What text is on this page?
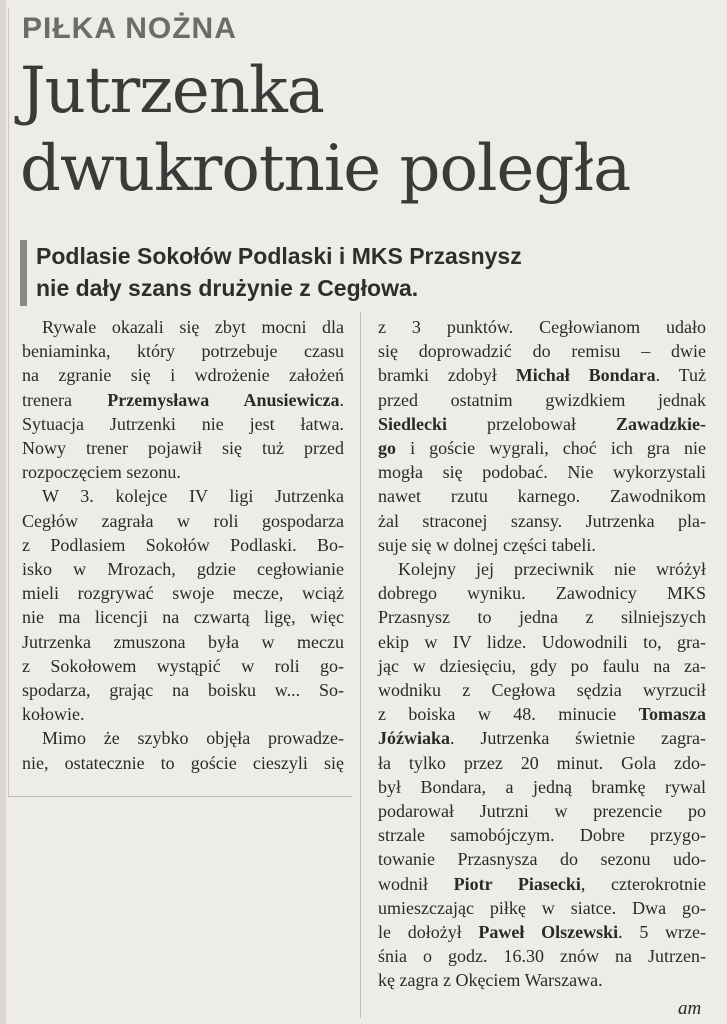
PIŁKA NOŻNA
Jutrzenka
dwukrotnie poległa
Podlasie Sokołów Podlaski i MKS Przasnysz
nie dały szans drużynie z Cegłowa.
Rywale okazali się zbyt mocni dla
beniaminka, który potrzebuje czasu
na zgranie się i wdrożenie założeń
trenera Przemysława Anusiewicza.
Sytuacja Jutrzenki nie jest łatwa.
Nowy trener pojawił się tuż przed
rozpoczęciem sezonu.
W 3. kolejce IV ligi Jutrzenka
Cegłów zagrała w roli gospodarza
z Podlasiem Sokołów Podlaski. Bo-
isko w Mrozach, gdzie cegłowianie
mieli rozgrywać swoje mecze, wciąż
nie ma licencji na czwartą ligę, więc
Jutrzenka zmuszona była w meczu
z Sokołowem wystąpić w roli go-
spodarza, grając na boisku w... So-
kołowie.
Mimo że szybko objęła prowadze-
nie, ostatecznie to goście cieszyli się
z 3 punktów. Cegłowianom udało
się doprowadzić do remisu – dwie
bramki zdobył Michał Bondara. Tuż
przed ostatnim gwizdkiem jednak
Siedlecki przelobował Zawadzkie-
go i goście wygrali, choć ich gra nie
mogła się podobać. Nie wykorzystali
nawet rzutu karnego. Zawodnikom
żal straconej szansy. Jutrzenka pla-
suje się w dolnej części tabeli.
Kolejny jej przeciwnik nie wróżył
dobrego wyniku. Zawodnicy MKS
Przasnysz to jedna z silniejszych
ekip w IV lidze. Udowodnili to, gra-
jąc w dziesięciu, gdy po faulu na za-
wodniku z Cegłowa sędzia wyrzucił
z boiska w 48. minucie Tomasza
Jóźwiaka. Jutrzenka świetnie zagra-
ła tylko przez 20 minut. Gola zdo-
był Bondara, a jedną bramkę rywal
podarował Jutrzni w prezencie po
strzale samobójczym. Dobre przygo-
towanie Przasnysza do sezonu udo-
wodnił Piotr Piasecki, czterokrotnie
umieszczając piłkę w siatce. Dwa go-
le dołożył Paweł Olszewski. 5 wrze-
śnia o godz. 16.30 znów na Jutrzen-
kę zagra z Okęciem Warszawa.
am
